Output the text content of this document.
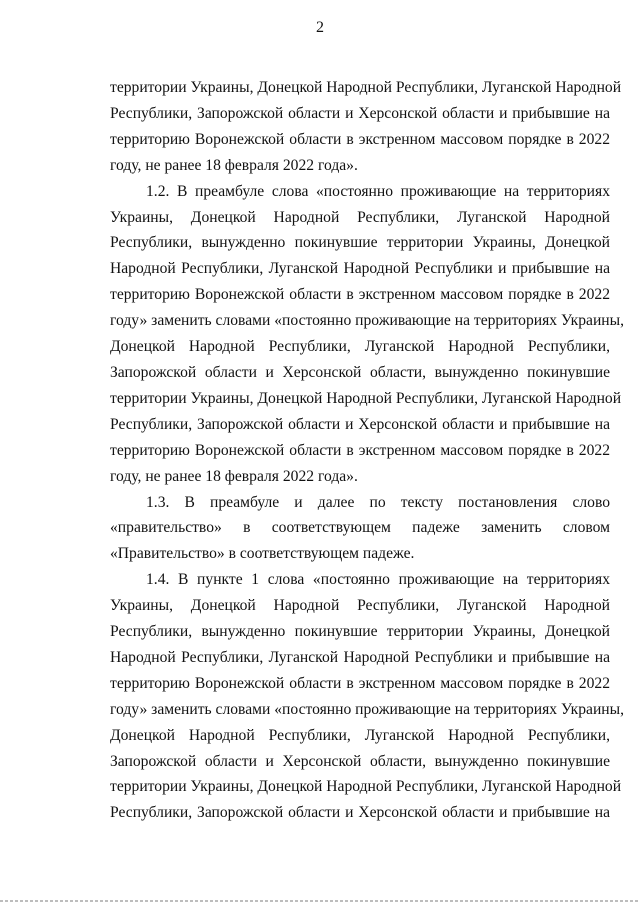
2
территории Украины, Донецкой Народной Республики, Луганской Народной
Республики, Запорожской области и Херсонской области и прибывшие на
территорию Воронежской области в экстренном массовом порядке в 2022
году, не ранее 18 февраля 2022 года».
1.2. В преамбуле слова «постоянно проживающие на территориях
Украины, Донецкой Народной Республики, Луганской Народной
Республики, вынужденно покинувшие территории Украины, Донецкой
Народной Республики, Луганской Народной Республики и прибывшие на
территорию Воронежской области в экстренном массовом порядке в 2022
году» заменить словами «постоянно проживающие на территориях Украины,
Донецкой Народной Республики, Луганской Народной Республики,
Запорожской области и Херсонской области, вынужденно покинувшие
территории Украины, Донецкой Народной Республики, Луганской Народной
Республики, Запорожской области и Херсонской области и прибывшие на
территорию Воронежской области в экстренном массовом порядке в 2022
году, не ранее 18 февраля 2022 года».
1.3. В преамбуле и далее по тексту постановления слово
«правительство» в соответствующем падеже заменить словом
«Правительство» в соответствующем падеже.
1.4. В пункте 1 слова «постоянно проживающие на территориях
Украины, Донецкой Народной Республики, Луганской Народной
Республики, вынужденно покинувшие территории Украины, Донецкой
Народной Республики, Луганской Народной Республики и прибывшие на
территорию Воронежской области в экстренном массовом порядке в 2022
году» заменить словами «постоянно проживающие на территориях Украины,
Донецкой Народной Республики, Луганской Народной Республики,
Запорожской области и Херсонской области, вынужденно покинувшие
территории Украины, Донецкой Народной Республики, Луганской Народной
Республики, Запорожской области и Херсонской области и прибывшие на
